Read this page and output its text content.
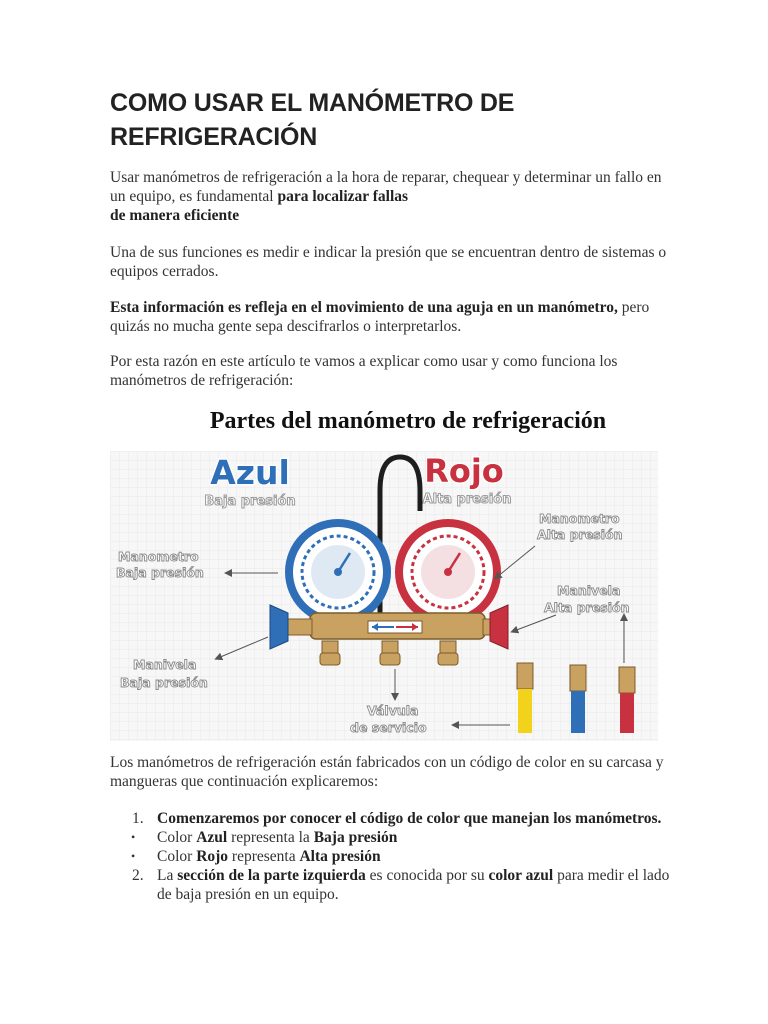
COMO USAR EL MANÓMETRO DE REFRIGERACIÓN

Usar manómetros de refrigeración a la hora de reparar, chequear y determinar un fallo en un equipo, es fundamental para localizar fallas
de manera eficiente

Una de sus funciones es medir e indicar la presión que se encuentran dentro de sistemas o equipos cerrados.

Esta información es refleja en el movimiento de una aguja en un manómetro, pero quizás no mucha gente sepa descifrarlos o interpretarlos.

Por esta razón en este artículo te vamos a explicar como usar y como funciona los manómetros de refrigeración:

Partes del manómetro de refrigeración
Azul
Baja presión
Rojo
Alta presión
Manometro
Baja presión
Manometro
Alta presión
Manivela
Alta presión
Manivela
Baja presión
Válvula
de servicio

Los manómetros de refrigeración están fabricados con un código de color en su carcasa y mangueras que continuación explicaremos:

1. Comenzaremos por conocer el código de color que manejan los manómetros.

• Color Azul representa la Baja presión

• Color Rojo representa Alta presión

2. La sección de la parte izquierda es conocida por su color azul para medir el lado de baja presión en un equipo.
